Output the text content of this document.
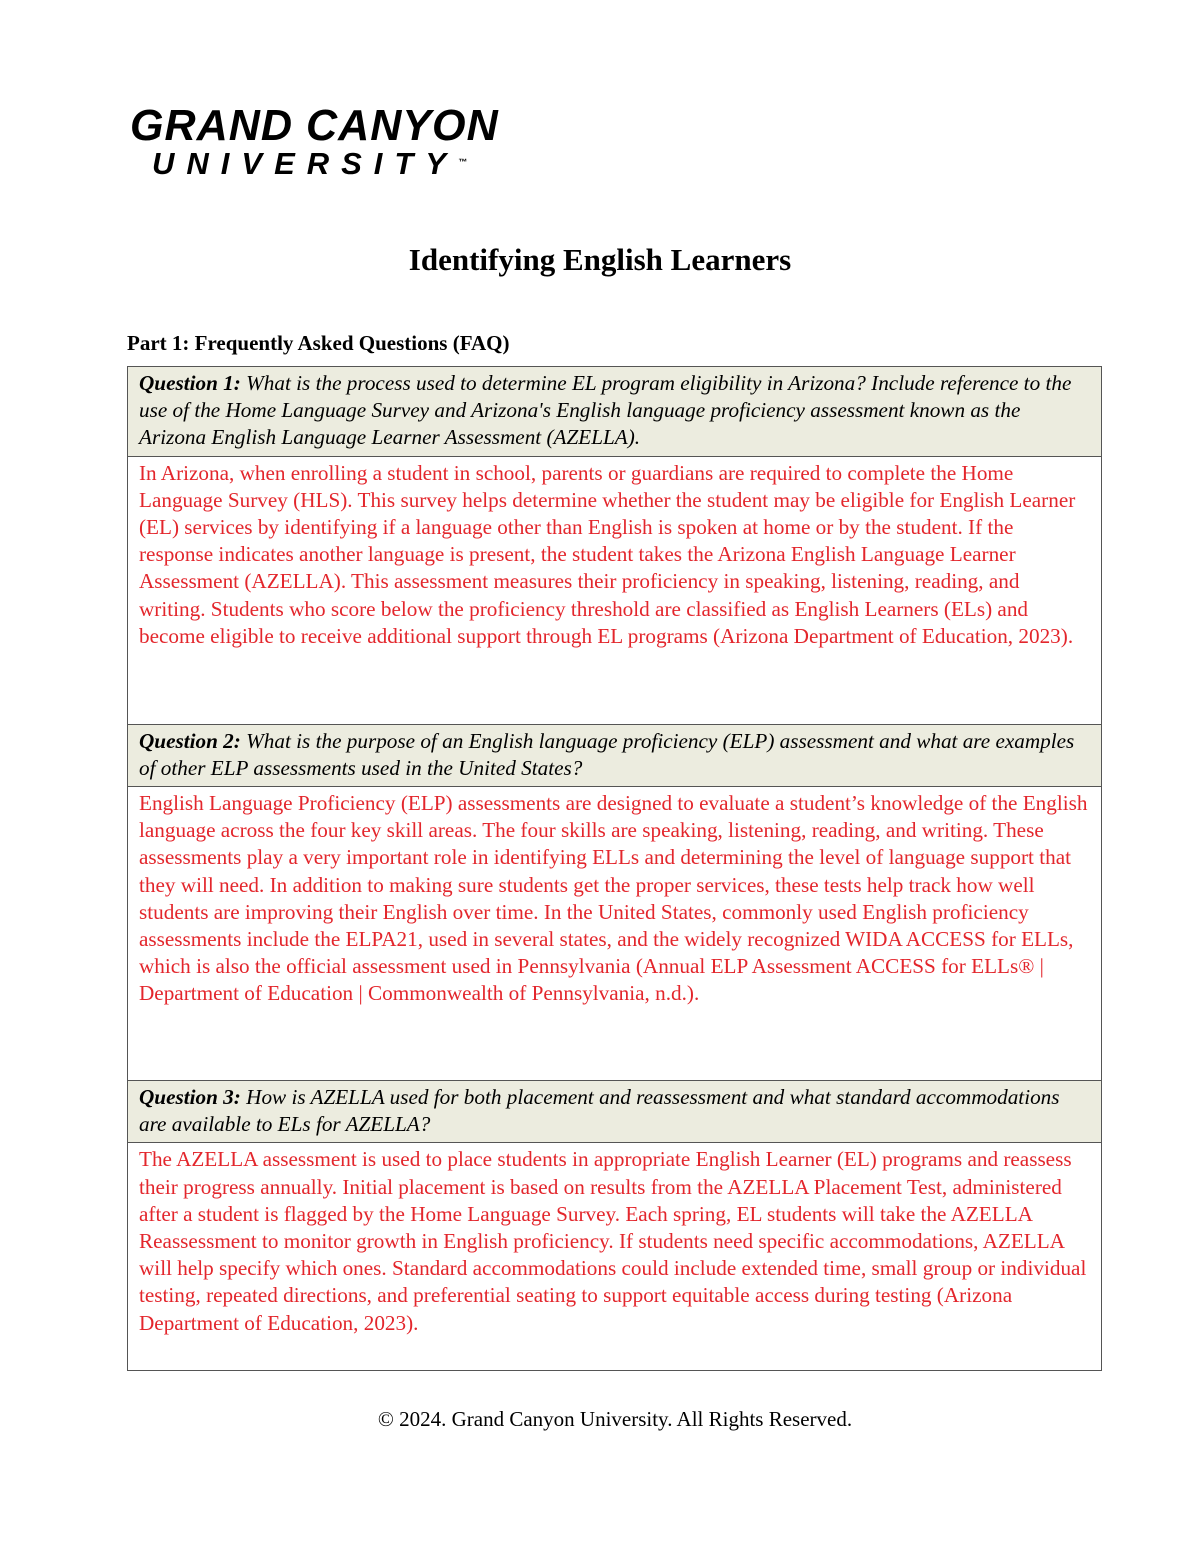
GRAND CANYON
UNIVERSITY™
Identifying English Learners

Part 1: Frequently Asked Questions (FAQ)

Question 1: What is the process used to determine EL program eligibility in Arizona? Include reference to the use of the Home Language Survey and Arizona's English language proficiency assessment known as the Arizona English Language Learner Assessment (AZELLA).
In Arizona, when enrolling a student in school, parents or guardians are required to complete the Home Language Survey (HLS). This survey helps determine whether the student may be eligible for English Learner (EL) services by identifying if a language other than English is spoken at home or by the student. If the response indicates another language is present, the student takes the Arizona English Language Learner Assessment (AZELLA). This assessment measures their proficiency in speaking, listening, reading, and writing. Students who score below the proficiency threshold are classified as English Learners (ELs) and become eligible to receive additional support through EL programs (Arizona Department of Education, 2023).
Question 2: What is the purpose of an English language proficiency (ELP) assessment and what are examples of other ELP assessments used in the United States?
English Language Proficiency (ELP) assessments are designed to evaluate a student’s knowledge of the English language across the four key skill areas. The four skills are speaking, listening, reading, and writing. These assessments play a very important role in identifying ELLs and determining the level of language support that they will need. In addition to making sure students get the proper services, these tests help track how well students are improving their English over time. In the United States, commonly used English proficiency assessments include the ELPA21, used in several states, and the widely recognized WIDA ACCESS for ELLs, which is also the official assessment used in Pennsylvania (Annual ELP Assessment ACCESS for ELLs® | Department of Education | Commonwealth of Pennsylvania, n.d.).
Question 3: How is AZELLA used for both placement and reassessment and what standard accommodations are available to ELs for AZELLA?
The AZELLA assessment is used to place students in appropriate English Learner (EL) programs and reassess their progress annually. Initial placement is based on results from the AZELLA Placement Test, administered after a student is flagged by the Home Language Survey. Each spring, EL students will take the AZELLA Reassessment to monitor growth in English proficiency. If students need specific accommodations, AZELLA will help specify which ones. Standard accommodations could include extended time, small group or individual testing, repeated directions, and preferential seating to support equitable access during testing (Arizona Department of Education, 2023).

© 2024. Grand Canyon University. All Rights Reserved.
